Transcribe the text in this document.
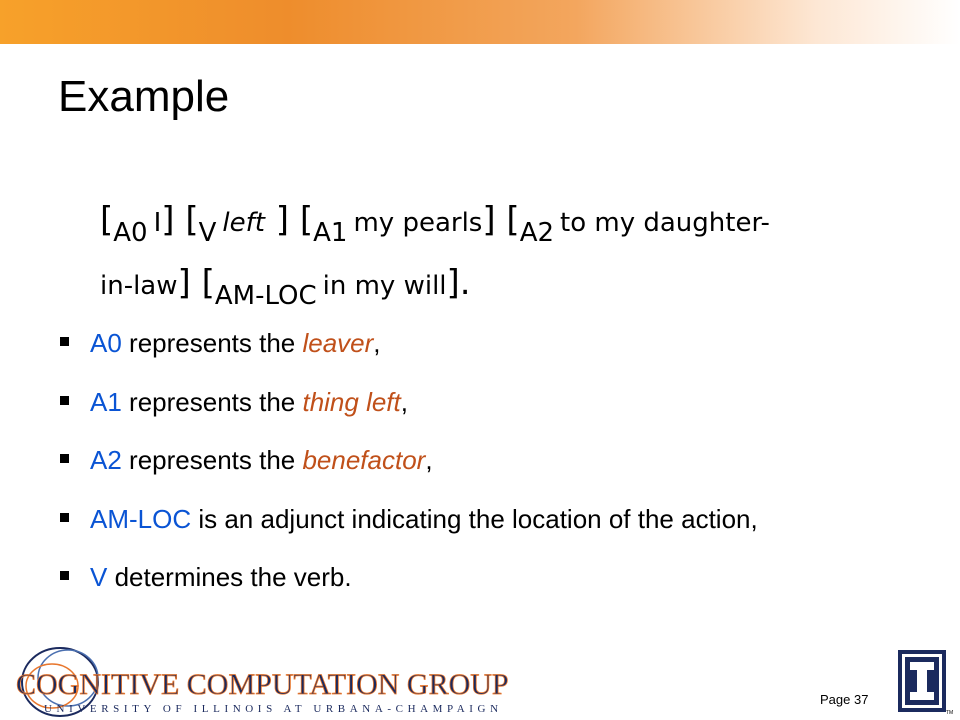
Example
[$_{A0}$ I] [$_V$ left ] [$_{A1}$ my pearls] [$_{A2}$ to my daughter-
in-law] [$_{AM-LOC}$ in my will].
A0 represents the leaver,
A1 represents the thing left,
A2 represents the benefactor,
AM-LOC is an adjunct indicating the location of the action,
V determines the verb.
COGNITIVE COMPUTATION GROUP
UNIVERSITY OF ILLINOIS AT URBANA-CHAMPAIGN
Page 37
TM
